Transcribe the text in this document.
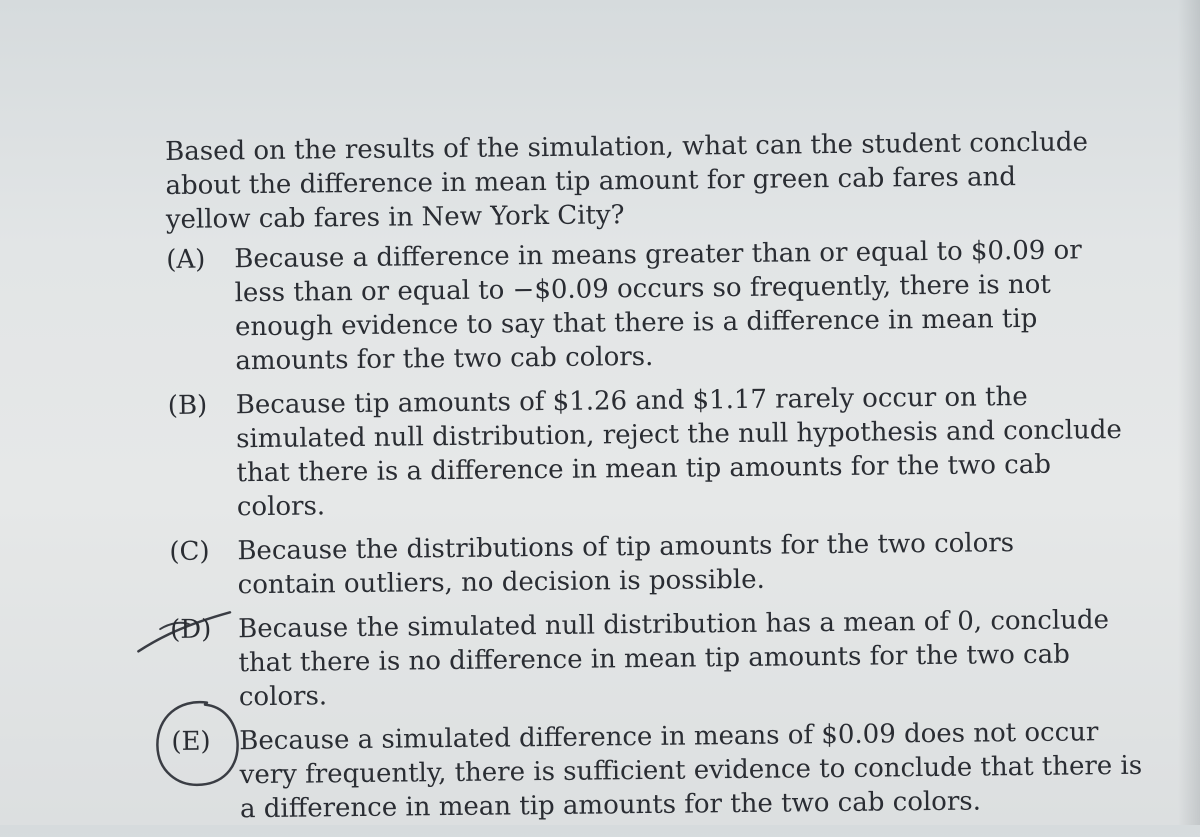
Based on the results of the simulation, what can the student conclude about the difference in mean tip amount for green cab fares and yellow cab fares in New York City?

(A) Because a difference in means greater than or equal to $0.09 or less than or equal to −$0.09 occurs so frequently, there is not enough evidence to say that there is a difference in mean tip amounts for the two cab colors.
(B) Because tip amounts of $1.26 and $1.17 rarely occur on the simulated null distribution, reject the null hypothesis and conclude that there is a difference in mean tip amounts for the two cab colors.
(C) Because the distributions of tip amounts for the two colors contain outliers, no decision is possible.
(D) Because the simulated null distribution has a mean of 0, conclude that there is no difference in mean tip amounts for the two cab colors.
(E) Because a simulated difference in means of $0.09 does not occur very frequently, there is sufficient evidence to conclude that there is a difference in mean tip amounts for the two cab colors.
